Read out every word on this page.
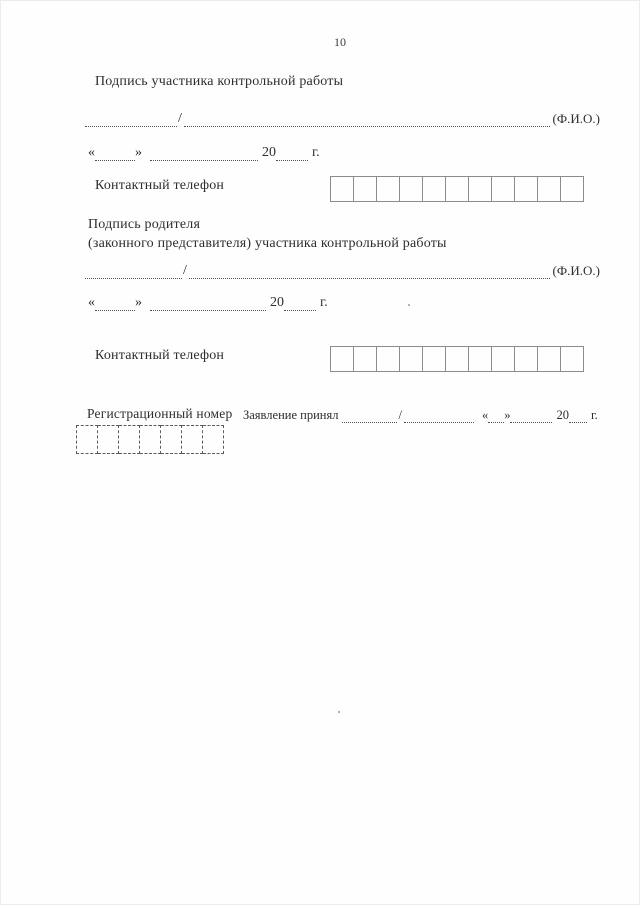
10
Подпись участника контрольной работы
/	(Ф.И.О.)
«	»	20	г.
Контактный телефон
Подпись родителя
(законного представителя) участника контрольной работы
/	(Ф.И.О.)
«	»	20	г.
Контактный телефон
Регистрационный номер Заявление принял	/	« »	20 г.
